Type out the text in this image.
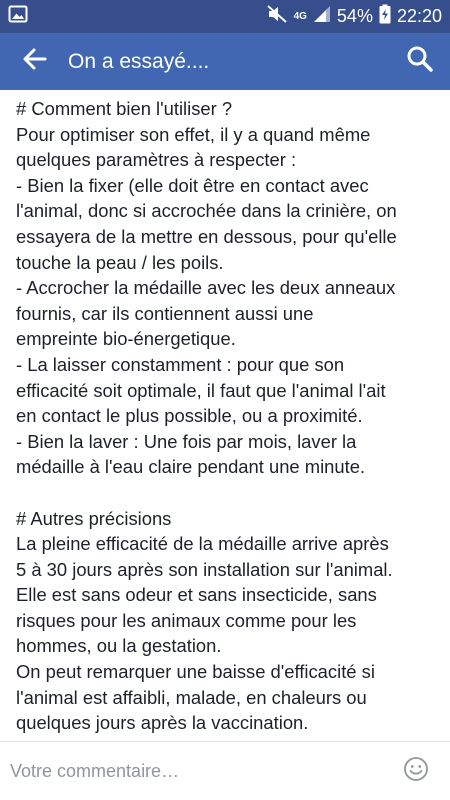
4G 54% 22:20
On a essayé....
# Comment bien l'utiliser ?
Pour optimiser son effet, il y a quand même
quelques paramètres à respecter :
- Bien la fixer (elle doit être en contact avec
l'animal, donc si accrochée dans la crinière, on
essayera de la mettre en dessous, pour qu'elle
touche la peau / les poils.
- Accrocher la médaille avec les deux anneaux
fournis, car ils contiennent aussi une
empreinte bio-énergetique.
- La laisser constamment : pour que son
efficacité soit optimale, il faut que l'animal l'ait
en contact le plus possible, ou a proximité.
- Bien la laver : Une fois par mois, laver la
médaille à l'eau claire pendant une minute.
# Autres précisions
La pleine efficacité de la médaille arrive après
5 à 30 jours après son installation sur l'animal.
Elle est sans odeur et sans insecticide, sans
risques pour les animaux comme pour les
hommes, ou la gestation.
On peut remarquer une baisse d'efficacité si
l'animal est affaibli, malade, en chaleurs ou
quelques jours après la vaccination.
Votre commentaire…
